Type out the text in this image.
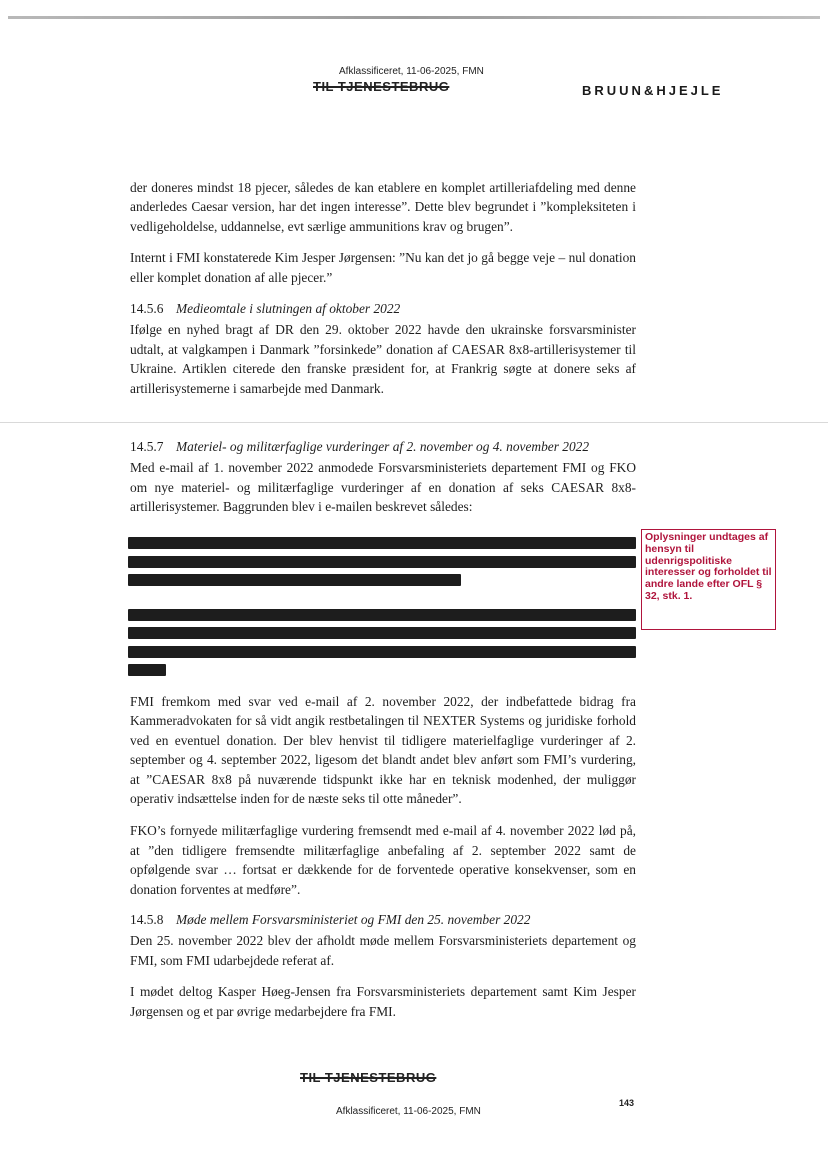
Afklassificeret, 11-06-2025, FMN
TIL TJENESTEBRUG	BRUUN&HJEJLE

der doneres mindst 18 pjecer, således de kan etablere en komplet artilleriafdeling med denne anderledes Caesar version, har det ingen interesse”. Dette blev begrundet i ”kompleksiteten i vedligeholdelse, uddannelse, evt særlige ammunitions krav og brugen”.

Internt i FMI konstaterede Kim Jesper Jørgensen: ”Nu kan det jo gå begge veje – nul donation eller komplet donation af alle pjecer.”

14.5.6 Medieomtale i slutningen af oktober 2022

Ifølge en nyhed bragt af DR den 29. oktober 2022 havde den ukrainske forsvarsminister udtalt, at valgkampen i Danmark ”forsinkede” donation af CAESAR 8x8-artillerisystemer til Ukraine. Artiklen citerede den franske præsident for, at Frankrig søgte at donere seks af artillerisystemerne i samarbejde med Danmark.

14.5.7 Materiel- og militærfaglige vurderinger af 2. november og 4. november 2022

Med e-mail af 1. november 2022 anmodede Forsvarsministeriets departement FMI og FKO om nye materiel- og militærfaglige vurderinger af en donation af seks CAESAR 8x8-artillerisystemer. Baggrunden blev i e-mailen beskrevet således:

Oplysninger undtages af hensyn til udenrigspolitiske interesser og forholdet til andre lande efter OFL § 32, stk. 1.

FMI fremkom med svar ved e-mail af 2. november 2022, der indbefattede bidrag fra Kammeradvokaten for så vidt angik restbetalingen til NEXTER Systems og juridiske forhold ved en eventuel donation. Der blev henvist til tidligere materielfaglige vurderinger af 2. september og 4. september 2022, ligesom det blandt andet blev anført som FMI’s vurdering, at ”CAESAR 8x8 på nuværende tidspunkt ikke har en teknisk modenhed, der muliggør operativ indsættelse inden for de næste seks til otte måneder”.

FKO’s fornyede militærfaglige vurdering fremsendt med e-mail af 4. november 2022 lød på, at ”den tidligere fremsendte militærfaglige anbefaling af 2. september 2022 samt de opfølgende svar … fortsat er dækkende for de forventede operative konsekvenser, som en donation forventes at medføre”.

14.5.8 Møde mellem Forsvarsministeriet og FMI den 25. november 2022

Den 25. november 2022 blev der afholdt møde mellem Forsvarsministeriets departement og FMI, som FMI udarbejdede referat af.

I mødet deltog Kasper Høeg-Jensen fra Forsvarsministeriets departement samt Kim Jesper Jørgensen og et par øvrige medarbejdere fra FMI.

TIL TJENESTEBRUG
143
Afklassificeret, 11-06-2025, FMN
